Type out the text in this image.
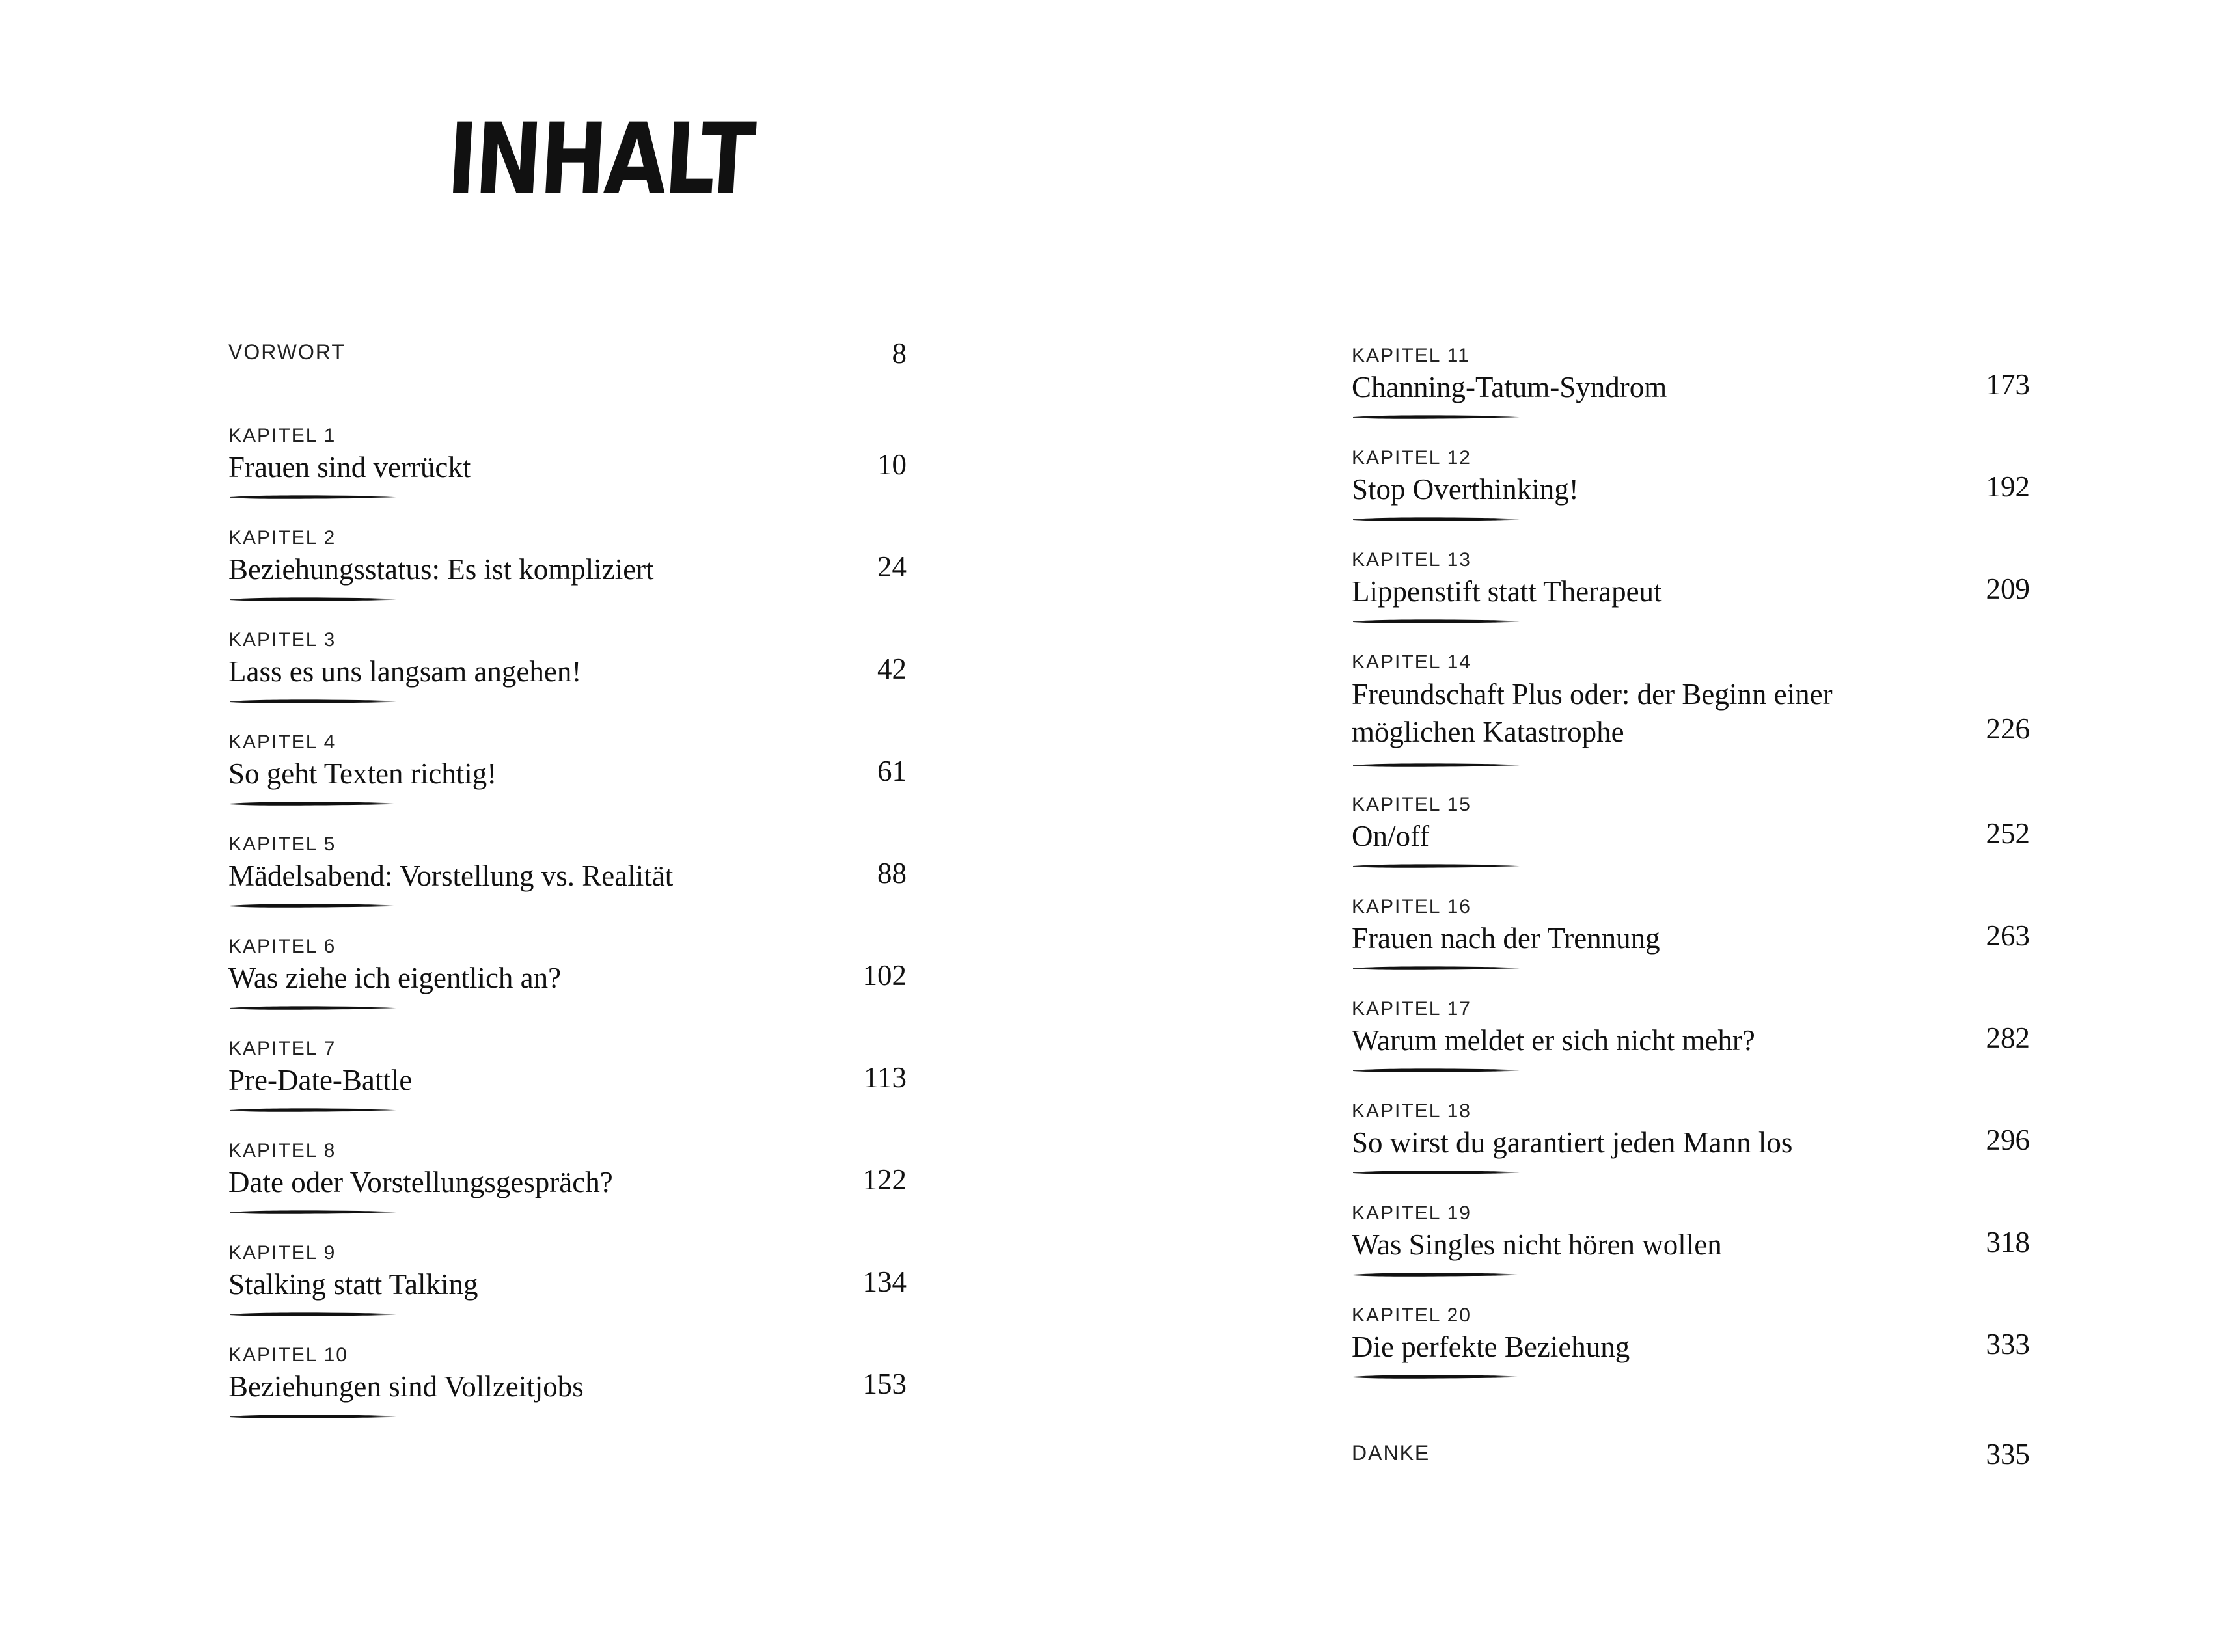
INHALT
VORWORT	8
KAPITEL 1
Frauen sind verrückt	10
KAPITEL 2
Beziehungsstatus: Es ist kompliziert	24
KAPITEL 3
Lass es uns langsam angehen!	42
KAPITEL 4
So geht Texten richtig!	61
KAPITEL 5
Mädelsabend: Vorstellung vs. Realität	88
KAPITEL 6
Was ziehe ich eigentlich an?	102
KAPITEL 7
Pre-Date-Battle	113
KAPITEL 8
Date oder Vorstellungsgespräch?	122
KAPITEL 9
Stalking statt Talking	134
KAPITEL 10
Beziehungen sind Vollzeitjobs	153
KAPITEL 11
Channing-Tatum-Syndrom	173
KAPITEL 12
Stop Overthinking!	192
KAPITEL 13
Lippenstift statt Therapeut	209
KAPITEL 14
Freundschaft Plus oder: der Beginn einer möglichen Katastrophe	226
KAPITEL 15
On/off	252
KAPITEL 16
Frauen nach der Trennung	263
KAPITEL 17
Warum meldet er sich nicht mehr?	282
KAPITEL 18
So wirst du garantiert jeden Mann los	296
KAPITEL 19
Was Singles nicht hören wollen	318
KAPITEL 20
Die perfekte Beziehung	333
DANKE	335
